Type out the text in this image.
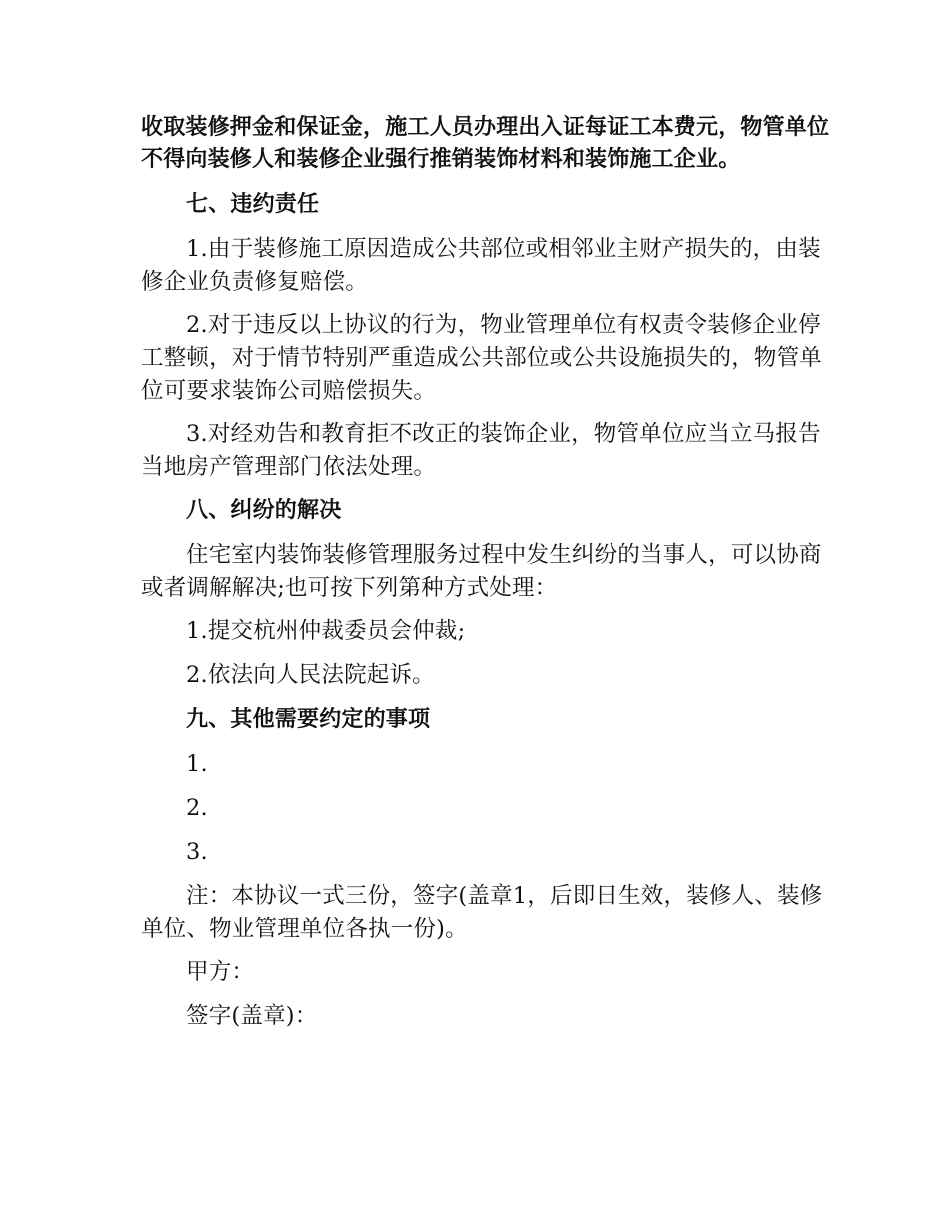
收取装修押金和保证金，施工人员办理出入证每证工本费元，物管单位不得向装修人和装修企业强行推销装饰材料和装饰施工企业。
七、违约责任
1.由于装修施工原因造成公共部位或相邻业主财产损失的，由装修企业负责修复赔偿。
2.对于违反以上协议的行为，物业管理单位有权责令装修企业停工整顿，对于情节特别严重造成公共部位或公共设施损失的，物管单位可要求装饰公司赔偿损失。
3.对经劝告和教育拒不改正的装饰企业，物管单位应当立马报告当地房产管理部门依法处理。
八、纠纷的解决
住宅室内装饰装修管理服务过程中发生纠纷的当事人，可以协商或者调解解决;也可按下列第种方式处理：
1.提交杭州仲裁委员会仲裁;
2.依法向人民法院起诉。
九、其他需要约定的事项
1.
2.
3.
注：本协议一式三份，签字(盖章1，后即日生效，装修人、装修单位、物业管理单位各执一份)。
甲方：
签字(盖章)：
